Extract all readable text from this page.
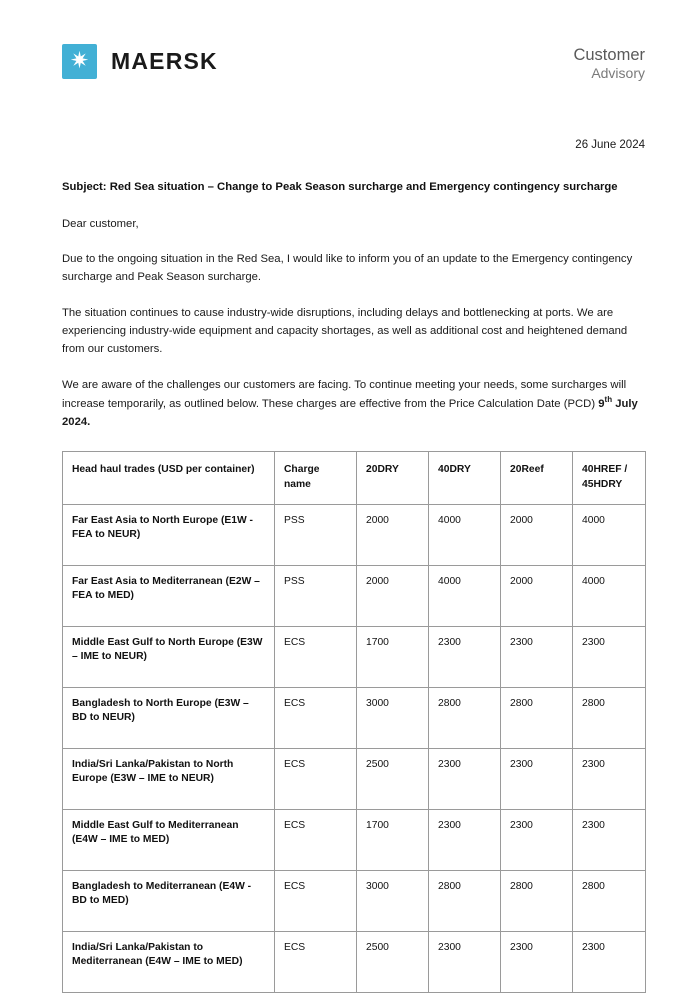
✷ MAERSK	Customer
Advisory
26 June 2024
Subject: Red Sea situation – Change to Peak Season surcharge and Emergency contingency surcharge

Dear customer,

Due to the ongoing situation in the Red Sea, I would like to inform you of an update to the Emergency contingency surcharge and Peak Season surcharge.

The situation continues to cause industry-wide disruptions, including delays and bottlenecking at ports. We are experiencing industry-wide equipment and capacity shortages, as well as additional cost and heightened demand from our customers.

We are aware of the challenges our customers are facing. To continue meeting your needs, some surcharges will increase temporarily, as outlined below. These charges are effective from the Price Calculation Date (PCD) 9th July 2024.

Head haul trades (USD per container)	Charge name	20DRY	40DRY	20Reef	40HREF / 45HDRY
Far East Asia to North Europe (E1W - FEA to NEUR)	PSS	2000	4000	2000	4000
Far East Asia to Mediterranean (E2W – FEA to MED)	PSS	2000	4000	2000	4000
Middle East Gulf to North Europe (E3W – IME to NEUR)	ECS	1700	2300	2300	2300
Bangladesh to North Europe (E3W – BD to NEUR)	ECS	3000	2800	2800	2800
India/Sri Lanka/Pakistan to North Europe (E3W – IME to NEUR)	ECS	2500	2300	2300	2300
Middle East Gulf to Mediterranean (E4W – IME to MED)	ECS	1700	2300	2300	2300
Bangladesh to Mediterranean (E4W - BD to MED)	ECS	3000	2800	2800	2800
India/Sri Lanka/Pakistan to Mediterranean (E4W – IME to MED)	ECS	2500	2300	2300	2300
